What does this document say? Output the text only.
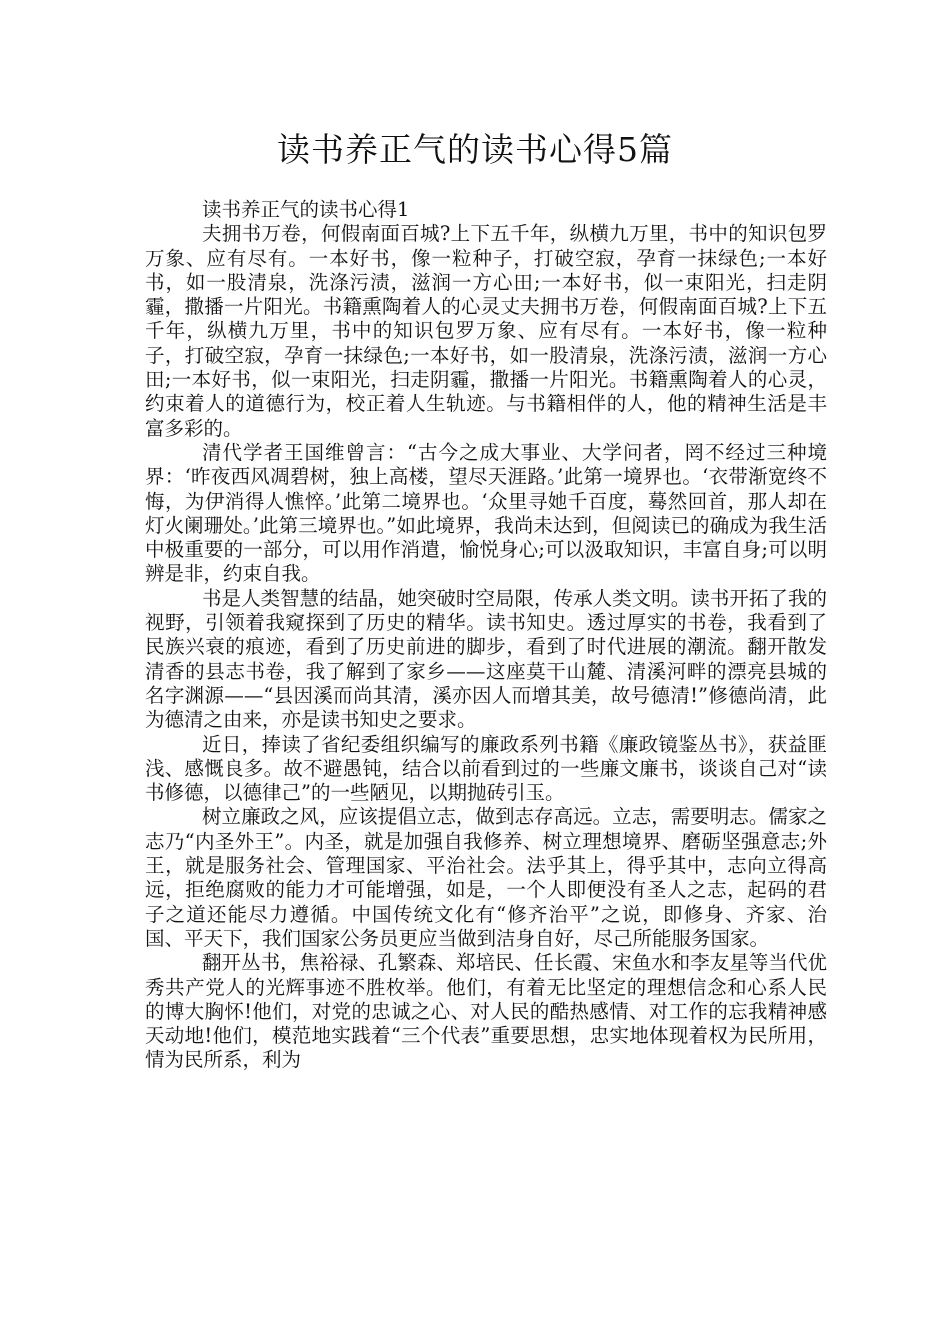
读书养正气的读书心得5篇
读书养正气的读书心得1

夫拥书万卷，何假南面百城?上下五千年，纵横九万里，书中的知识包罗万象、应有尽有。一本好书，像一粒种子，打破空寂，孕育一抹绿色;一本好书，如一股清泉，洗涤污渍，滋润一方心田;一本好书，似一束阳光，扫走阴霾，撒播一片阳光。书籍熏陶着人的心灵丈夫拥书万卷，何假南面百城?上下五千年，纵横九万里，书中的知识包罗万象、应有尽有。一本好书，像一粒种子，打破空寂，孕育一抹绿色;一本好书，如一股清泉，洗涤污渍，滋润一方心田;一本好书，似一束阳光，扫走阴霾，撒播一片阳光。书籍熏陶着人的心灵，约束着人的道德行为，校正着人生轨迹。与书籍相伴的人，他的精神生活是丰富多彩的。

清代学者王国维曾言：“古今之成大事业、大学问者，罔不经过三种境界：‘昨夜西风凋碧树，独上高楼，望尽天涯路。’此第一境界也。‘衣带渐宽终不悔，为伊消得人憔悴。’此第二境界也。‘众里寻她千百度，蓦然回首，那人却在灯火阑珊处。’此第三境界也。”如此境界，我尚未达到，但阅读已的确成为我生活中极重要的一部分，可以用作消遣，愉悦身心;可以汲取知识，丰富自身;可以明辨是非，约束自我。

书是人类智慧的结晶，她突破时空局限，传承人类文明。读书开拓了我的视野，引领着我窥探到了历史的精华。读书知史。透过厚实的书卷，我看到了民族兴衰的痕迹，看到了历史前进的脚步，看到了时代进展的潮流。翻开散发清香的县志书卷，我了解到了家乡——这座莫干山麓、清溪河畔的漂亮县城的名字渊源——“县因溪而尚其清，溪亦因人而增其美，故号德清!”修德尚清，此为德清之由来，亦是读书知史之要求。

近日，捧读了省纪委组织编写的廉政系列书籍《廉政镜鉴丛书》，获益匪浅、感慨良多。故不避愚钝，结合以前看到过的一些廉文廉书，谈谈自己对“读书修德，以德律己”的一些陋见，以期抛砖引玉。

树立廉政之风，应该提倡立志，做到志存高远。立志，需要明志。儒家之志乃“内圣外王”。内圣，就是加强自我修养、树立理想境界、磨砺坚强意志;外王，就是服务社会、管理国家、平治社会。法乎其上，得乎其中，志向立得高远，拒绝腐败的能力才可能增强，如是，一个人即便没有圣人之志，起码的君子之道还能尽力遵循。中国传统文化有“修齐治平”之说，即修身、齐家、治国、平天下，我们国家公务员更应当做到洁身自好，尽己所能服务国家。

翻开丛书，焦裕禄、孔繁森、郑培民、任长霞、宋鱼水和李友星等当代优秀共产党人的光辉事迹不胜枚举。他们，有着无比坚定的理想信念和心系人民的博大胸怀!他们，对党的忠诚之心、对人民的酷热感情、对工作的忘我精神感天动地!他们，模范地实践着“三个代表”重要思想，忠实地体现着权为民所用，情为民所系，利为
